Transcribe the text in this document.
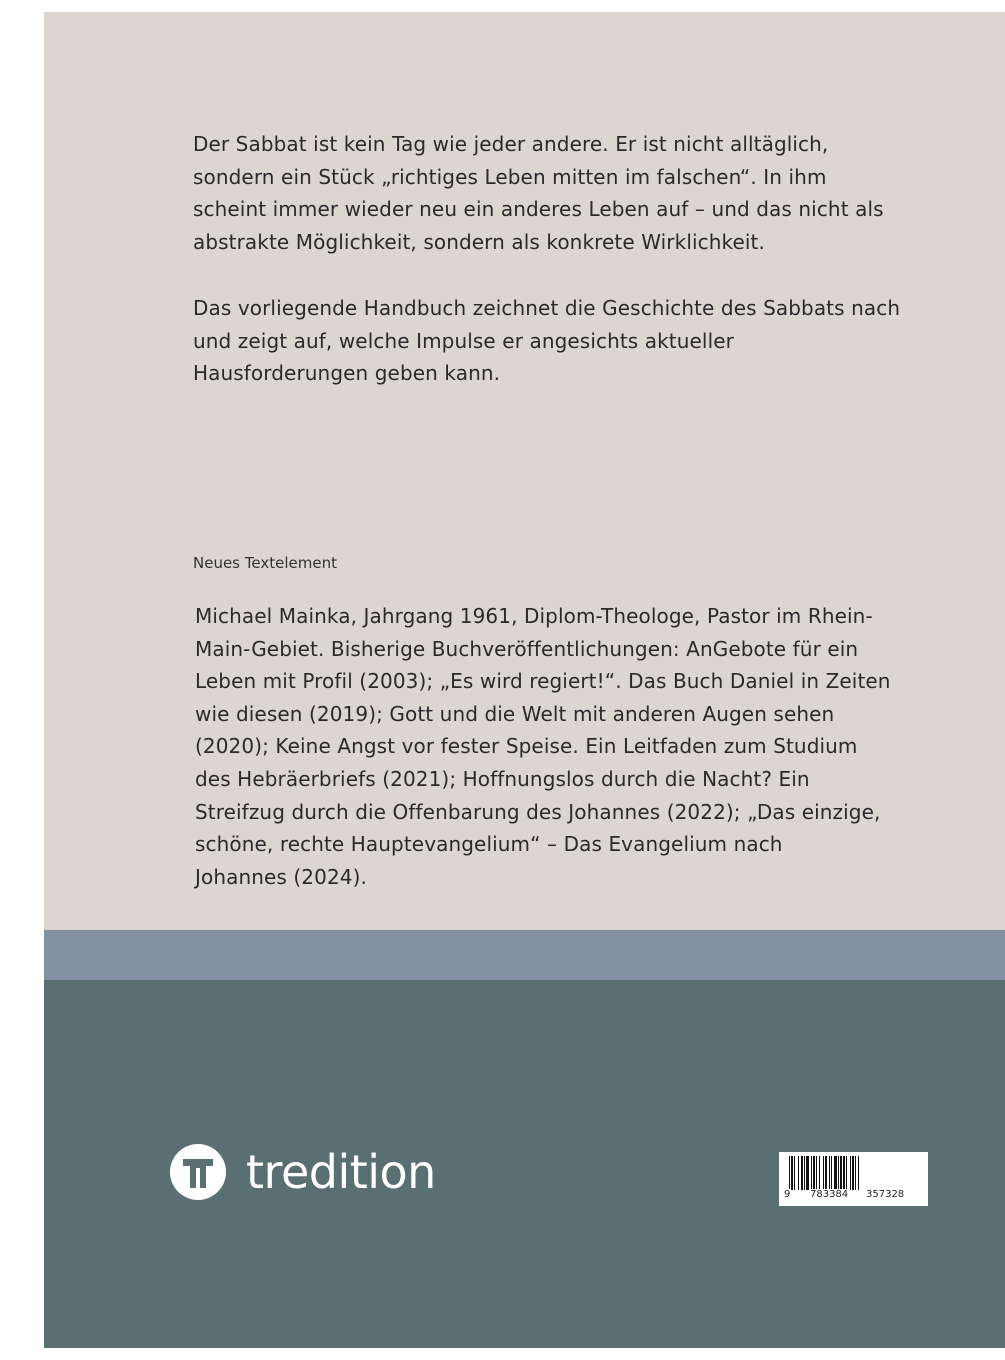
Der Sabbat ist kein Tag wie jeder andere. Er ist nicht alltäglich,
sondern ein Stück „richtiges Leben mitten im falschen“. In ihm
scheint immer wieder neu ein anderes Leben auf – und das nicht als
abstrakte Möglichkeit, sondern als konkrete Wirklichkeit.

Das vorliegende Handbuch zeichnet die Geschichte des Sabbats nach
und zeigt auf, welche Impulse er angesichts aktueller
Hausforderungen geben kann.

Neues Textelement

Michael Mainka, Jahrgang 1961, Diplom-Theologe, Pastor im Rhein-
Main-Gebiet. Bisherige Buchveröffentlichungen: AnGebote für ein
Leben mit Profil (2003); „Es wird regiert!“. Das Buch Daniel in Zeiten
wie diesen (2019); Gott und die Welt mit anderen Augen sehen
(2020); Keine Angst vor fester Speise. Ein Leitfaden zum Studium
des Hebräerbriefs (2021); Hoffnungslos durch die Nacht? Ein
Streifzug durch die Offenbarung des Johannes (2022); „Das einzige,
schöne, rechte Hauptevangelium“ – Das Evangelium nach
Johannes (2024).

tredition	9 783384 357328
